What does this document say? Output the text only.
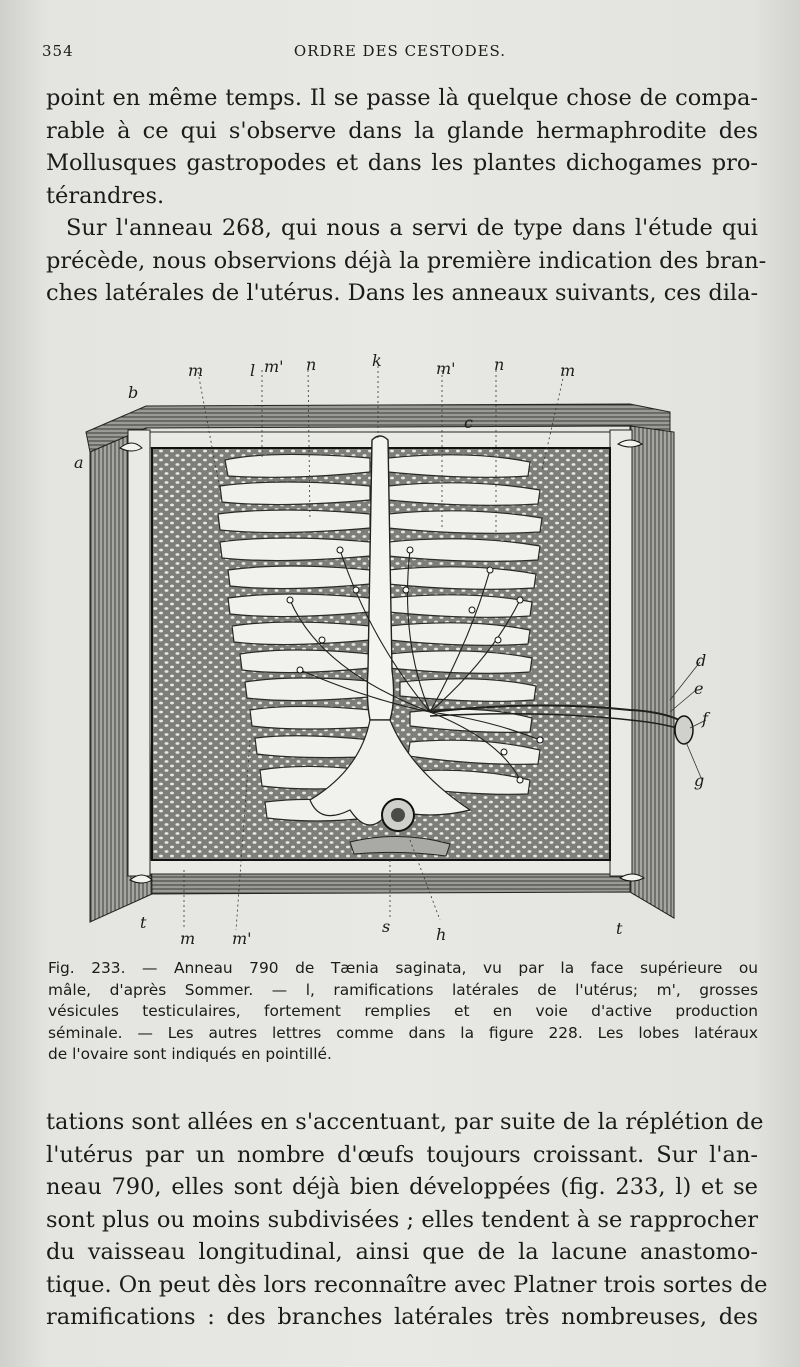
354	ORDRE DES CESTODES.
point en même temps. Il se passe là quelque chose de compa-
rable à ce qui s'observe dans la glande hermaphrodite des
Mollusques gastropodes et dans les plantes dichogames pro-
térandres.
Sur l'anneau 268, qui nous a servi de type dans l'étude qui
précède, nous observions déjà la première indication des bran-
ches latérales de l'utérus. Dans les anneaux suivants, ces dila-
m	l m' n	k	m' n	m
b
a
c
d
e
f
g
t
m m'
s	h	t
Fig. 233. — Anneau 790 de Tænia saginata, vu par la face supérieure ou
mâle, d'après Sommer. — l, ramifications latérales de l'utérus; m', grosses
vésicules testiculaires, fortement remplies et en voie d'active production
séminale. — Les autres lettres comme dans la figure 228. Les lobes latéraux
de l'ovaire sont indiqués en pointillé.
tations sont allées en s'accentuant, par suite de la réplétion de
l'utérus par un nombre d'œufs toujours croissant. Sur l'an-
neau 790, elles sont déjà bien développées (fig. 233, l) et se
sont plus ou moins subdivisées ; elles tendent à se rapprocher
du vaisseau longitudinal, ainsi que de la lacune anastomo-
tique. On peut dès lors reconnaître avec Platner trois sortes de
ramifications : des branches latérales très nombreuses, des
